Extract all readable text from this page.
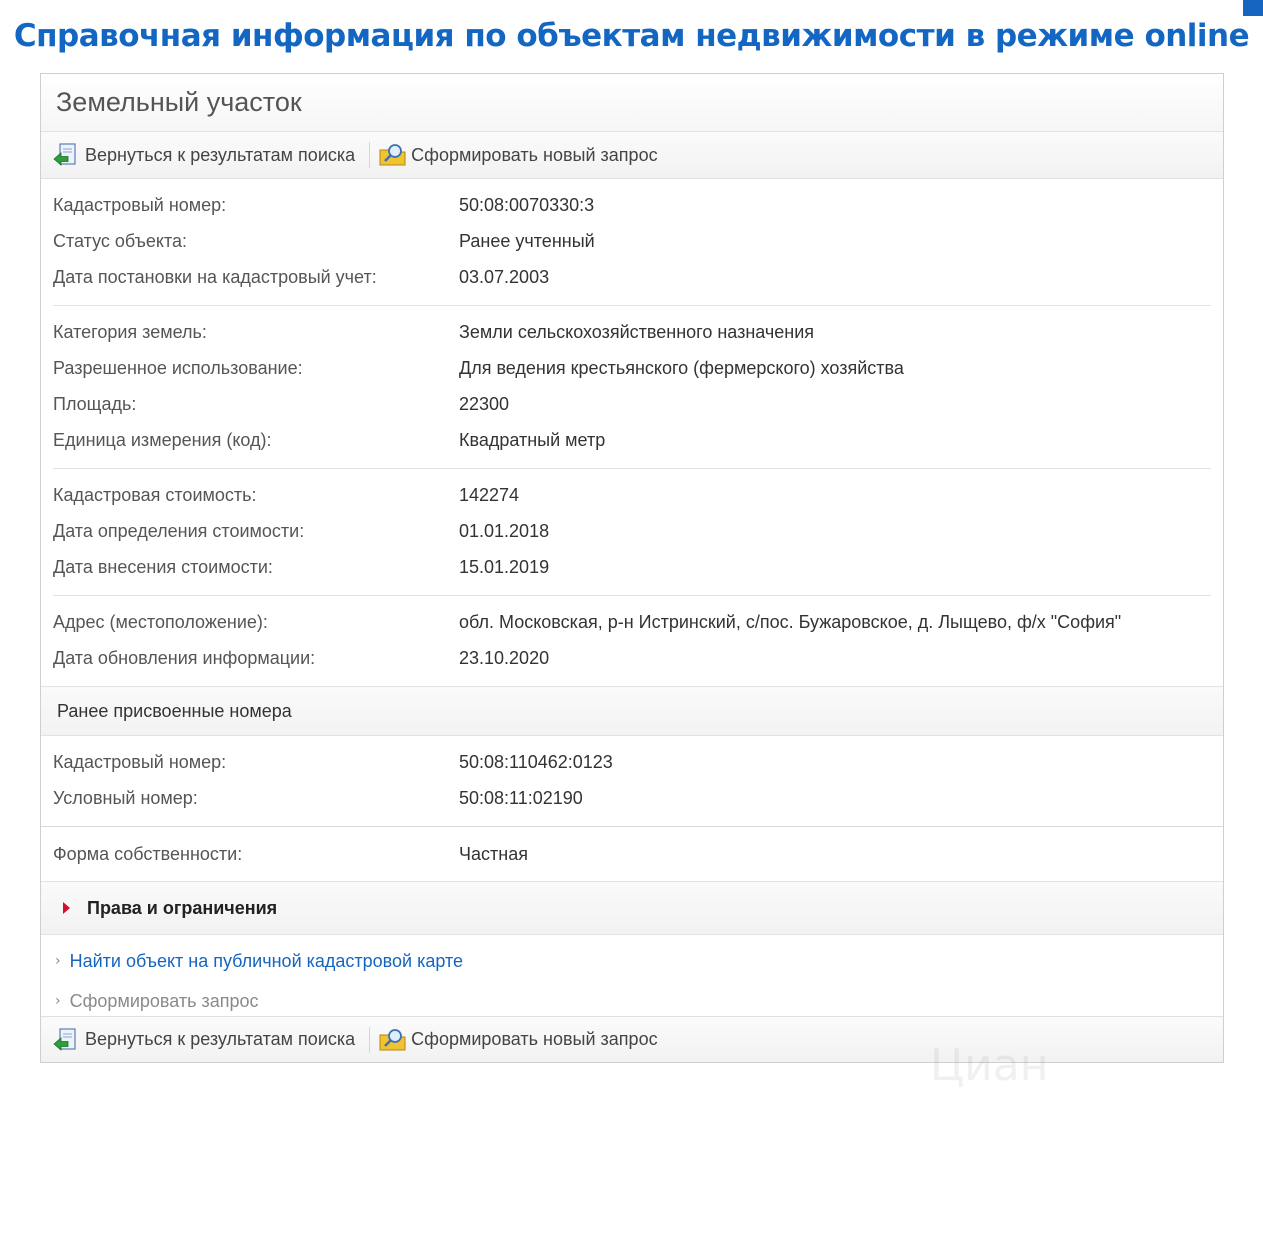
Справочная информация по объектам недвижимости в режиме online
Земельный участок
Вернуться к результатам поиска	Сформировать новый запрос
Кадастровый номер:	50:08:0070330:3
Статус объекта:	Ранее учтенный
Дата постановки на кадастровый учет:	03.07.2003
Категория земель:	Земли сельскохозяйственного назначения
Разрешенное использование:	Для ведения крестьянского (фермерского) хозяйства
Площадь:	22300
Единица измерения (код):	Квадратный метр
Кадастровая стоимость:	142274
Дата определения стоимости:	01.01.2018
Дата внесения стоимости:	15.01.2019
Адрес (местоположение):	обл. Московская, р-н Истринский, с/пос. Бужаровское, д. Лыщево, ф/х "София"
Дата обновления информации:	23.10.2020
Ранее присвоенные номера
Кадастровый номер:	50:08:110462:0123
Условный номер:	50:08:11:02190
Форма собственности:	Частная
Права и ограничения
› Найти объект на публичной кадастровой карте
› Сформировать запрос
Вернуться к результатам поиска	Сформировать новый запрос
Циан
